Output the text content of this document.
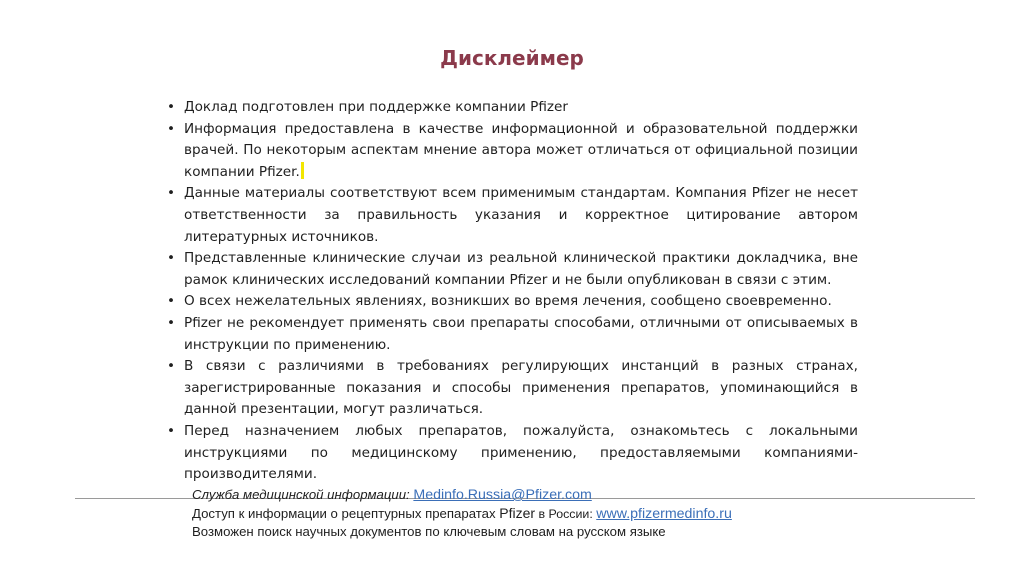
Дисклеймер
• Доклад подготовлен при поддержке компании Pfizer
• Информация предоставлена в качестве информационной и образовательной поддержки врачей. По некоторым аспектам мнение автора может отличаться от официальной позиции компании Pfizer.
• Данные материалы соответствуют всем применимым стандартам. Компания Pfizer не несет ответственности за правильность указания и корректное цитирование автором литературных источников.
• Представленные клинические случаи из реальной клинической практики докладчика, вне рамок клинических исследований компании Pfizer и не были опубликован в связи с этим.
• О всех нежелательных явлениях, возникших во время лечения, сообщено своевременно.
• Pfizer не рекомендует применять свои препараты способами, отличными от описываемых в инструкции по применению.
• В связи с различиями в требованиях регулирующих инстанций в разных странах, зарегистрированные показания и способы применения препаратов, упоминающийся в данной презентации, могут различаться.
• Перед назначением любых препаратов, пожалуйста, ознакомьтесь с локальными инструкциями по медицинскому применению, предоставляемыми компаниями-производителями.
Служба медицинской информации: Medinfo.Russia@Pfizer.com
Доступ к информации о рецептурных препаратах Pfizer в России: www.pfizermedinfo.ru
Возможен поиск научных документов по ключевым словам на русском языке
